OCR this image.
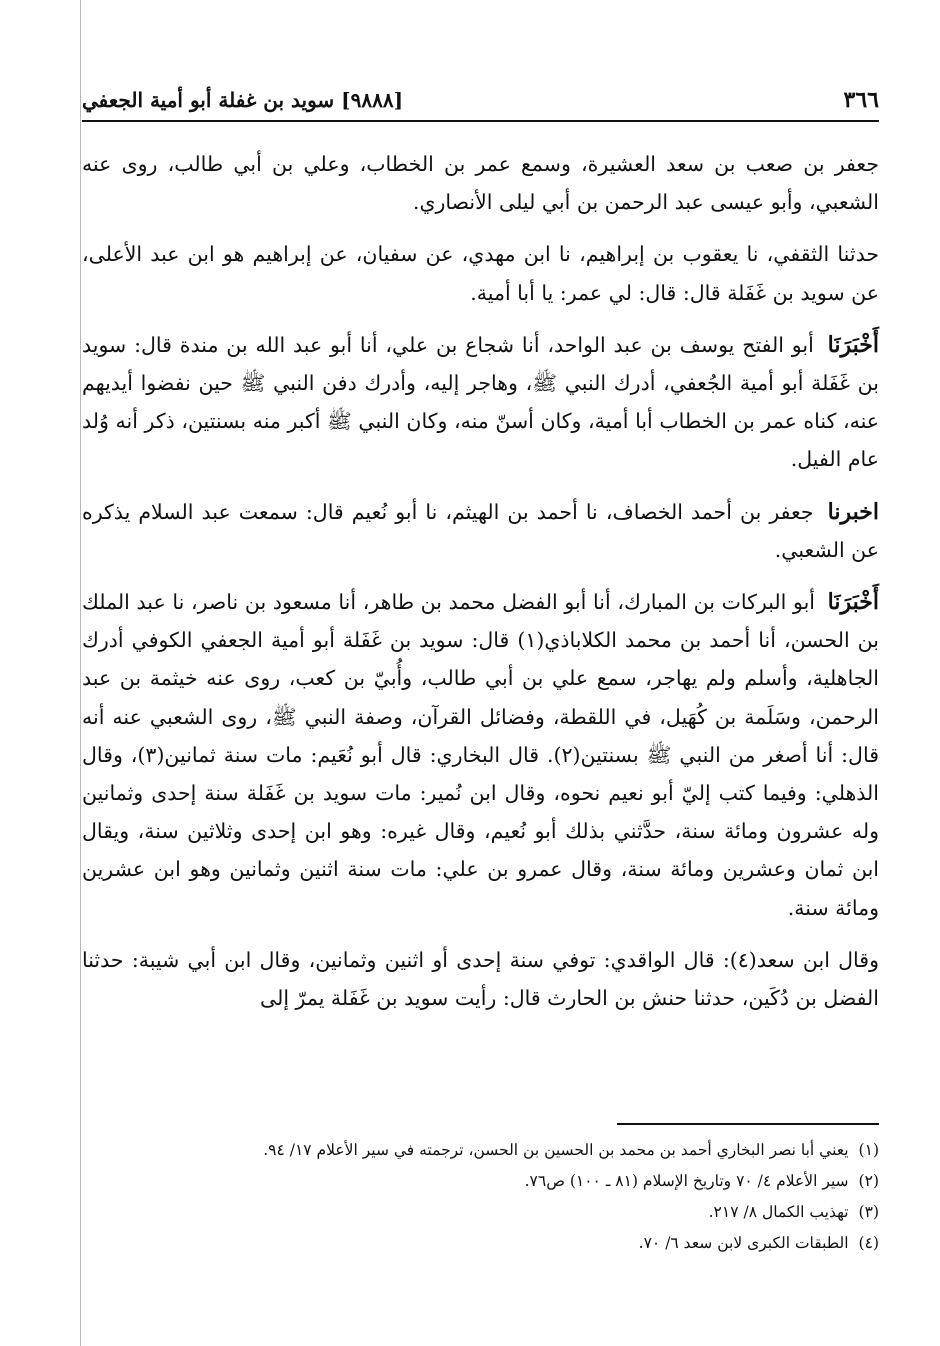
٣٦٦
[٩٨٨٨] سويد بن غفلة أبو أمية الجعفي

جعفر بن صعب بن سعد العشيرة، وسمع عمر بن الخطاب، وعلي بن أبي طالب، روى عنه الشعبي، وأبو عيسى عبد الرحمن بن أبي ليلى الأنصاري.

حدثنا الثقفي، نا يعقوب بن إبراهيم، نا ابن مهدي، عن سفيان، عن إبراهيم هو ابن عبد الأعلى، عن سويد بن غَفَلة قال: قال: لي عمر: يا أبا أمية.

أَخْبَرَنَا أبو الفتح يوسف بن عبد الواحد، أنا شجاع بن علي، أنا أبو عبد الله بن مندة قال: سويد بن غَفَلة أبو أمية الجُعفي، أدرك النبي ﷺ، وهاجر إليه، وأدرك دفن النبي ﷺ حين نفضوا أيديهم عنه، كناه عمر بن الخطاب أبا أمية، وكان أسنّ منه، وكان النبي ﷺ أكبر منه بسنتين، ذكر أنه وُلد عام الفيل.

اخبرنا جعفر بن أحمد الخصاف، نا أحمد بن الهيثم، نا أبو نُعيم قال: سمعت عبد السلام يذكره عن الشعبي.

أَخْبَرَنَا أبو البركات بن المبارك، أنا أبو الفضل محمد بن طاهر، أنا مسعود بن ناصر، نا عبد الملك بن الحسن، أنا أحمد بن محمد الكلاباذي(١) قال: سويد بن غَفَلة أبو أمية الجعفي الكوفي أدرك الجاهلية، وأسلم ولم يهاجر، سمع علي بن أبي طالب، وأُبيّ بن كعب، روى عنه خيثمة بن عبد الرحمن، وسَلَمة بن كُهَيل، في اللقطة، وفضائل القرآن، وصفة النبي ﷺ، روى الشعبي عنه أنه قال: أنا أصغر من النبي ﷺ بسنتين(٢). قال البخاري: قال أبو نُعَيم: مات سنة ثمانين(٣)، وقال الذهلي: وفيما كتب إليّ أبو نعيم نحوه، وقال ابن نُمير: مات سويد بن غَفَلة سنة إحدى وثمانين وله عشرون ومائة سنة، حدَّثني بذلك أبو نُعيم، وقال غيره: وهو ابن إحدى وثلاثين سنة، ويقال ابن ثمان وعشرين ومائة سنة، وقال عمرو بن علي: مات سنة اثنين وثمانين وهو ابن عشرين ومائة سنة.

وقال ابن سعد(٤): قال الواقدي: توفي سنة إحدى أو اثنين وثمانين، وقال ابن أبي شيبة: حدثنا الفضل بن دُكَين، حدثنا حنش بن الحارث قال: رأيت سويد بن غَفَلة يمرّ إلى

(١)
يعني أبا نصر البخاري أحمد بن محمد بن الحسين بن الحسن، ترجمته في سير الأعلام ١٧/ ٩٤.
(٢)
سير الأعلام ٤/ ٧٠ وتاريخ الإسلام (٨١ ـ ١٠٠) ص٧٦.
(٣)
تهذيب الكمال ٨/ ٢١٧.
(٤)
الطبقات الكبرى لابن سعد ٦/ ٧٠.
